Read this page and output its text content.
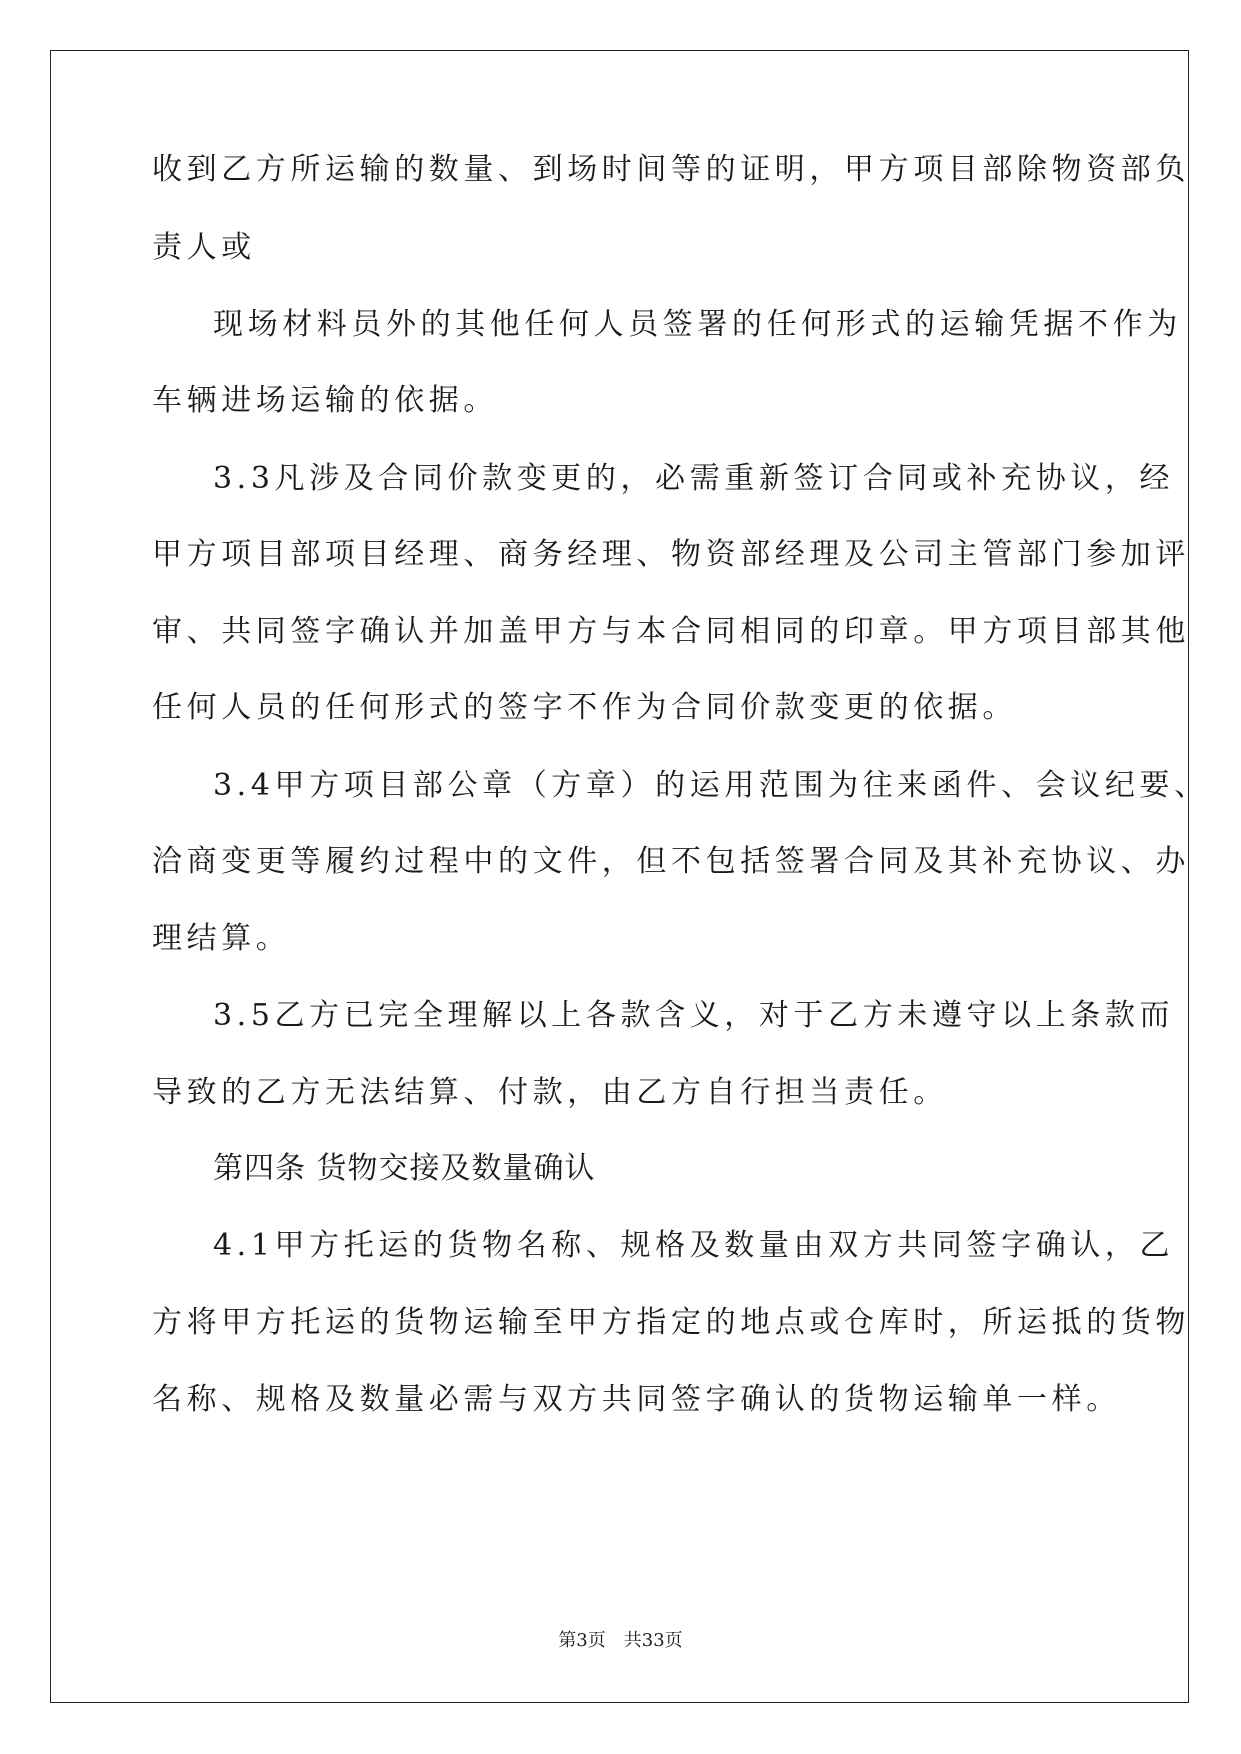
收到乙方所运输的数量、到场时间等的证明，甲方项目部除物资部负
责人或
现场材料员外的其他任何人员签署的任何形式的运输凭据不作为
车辆进场运输的依据。
3.3凡涉及合同价款变更的，必需重新签订合同或补充协议，经
甲方项目部项目经理、商务经理、物资部经理及公司主管部门参加评
审、共同签字确认并加盖甲方与本合同相同的印章。甲方项目部其他
任何人员的任何形式的签字不作为合同价款变更的依据。
3.4甲方项目部公章（方章）的运用范围为往来函件、会议纪要、
洽商变更等履约过程中的文件，但不包括签署合同及其补充协议、办
理结算。
3.5乙方已完全理解以上各款含义，对于乙方未遵守以上条款而
导致的乙方无法结算、付款，由乙方自行担当责任。
第四条 货物交接及数量确认
4.1甲方托运的货物名称、规格及数量由双方共同签字确认，乙
方将甲方托运的货物运输至甲方指定的地点或仓库时，所运抵的货物
名称、规格及数量必需与双方共同签字确认的货物运输单一样。
第3页　共33页
